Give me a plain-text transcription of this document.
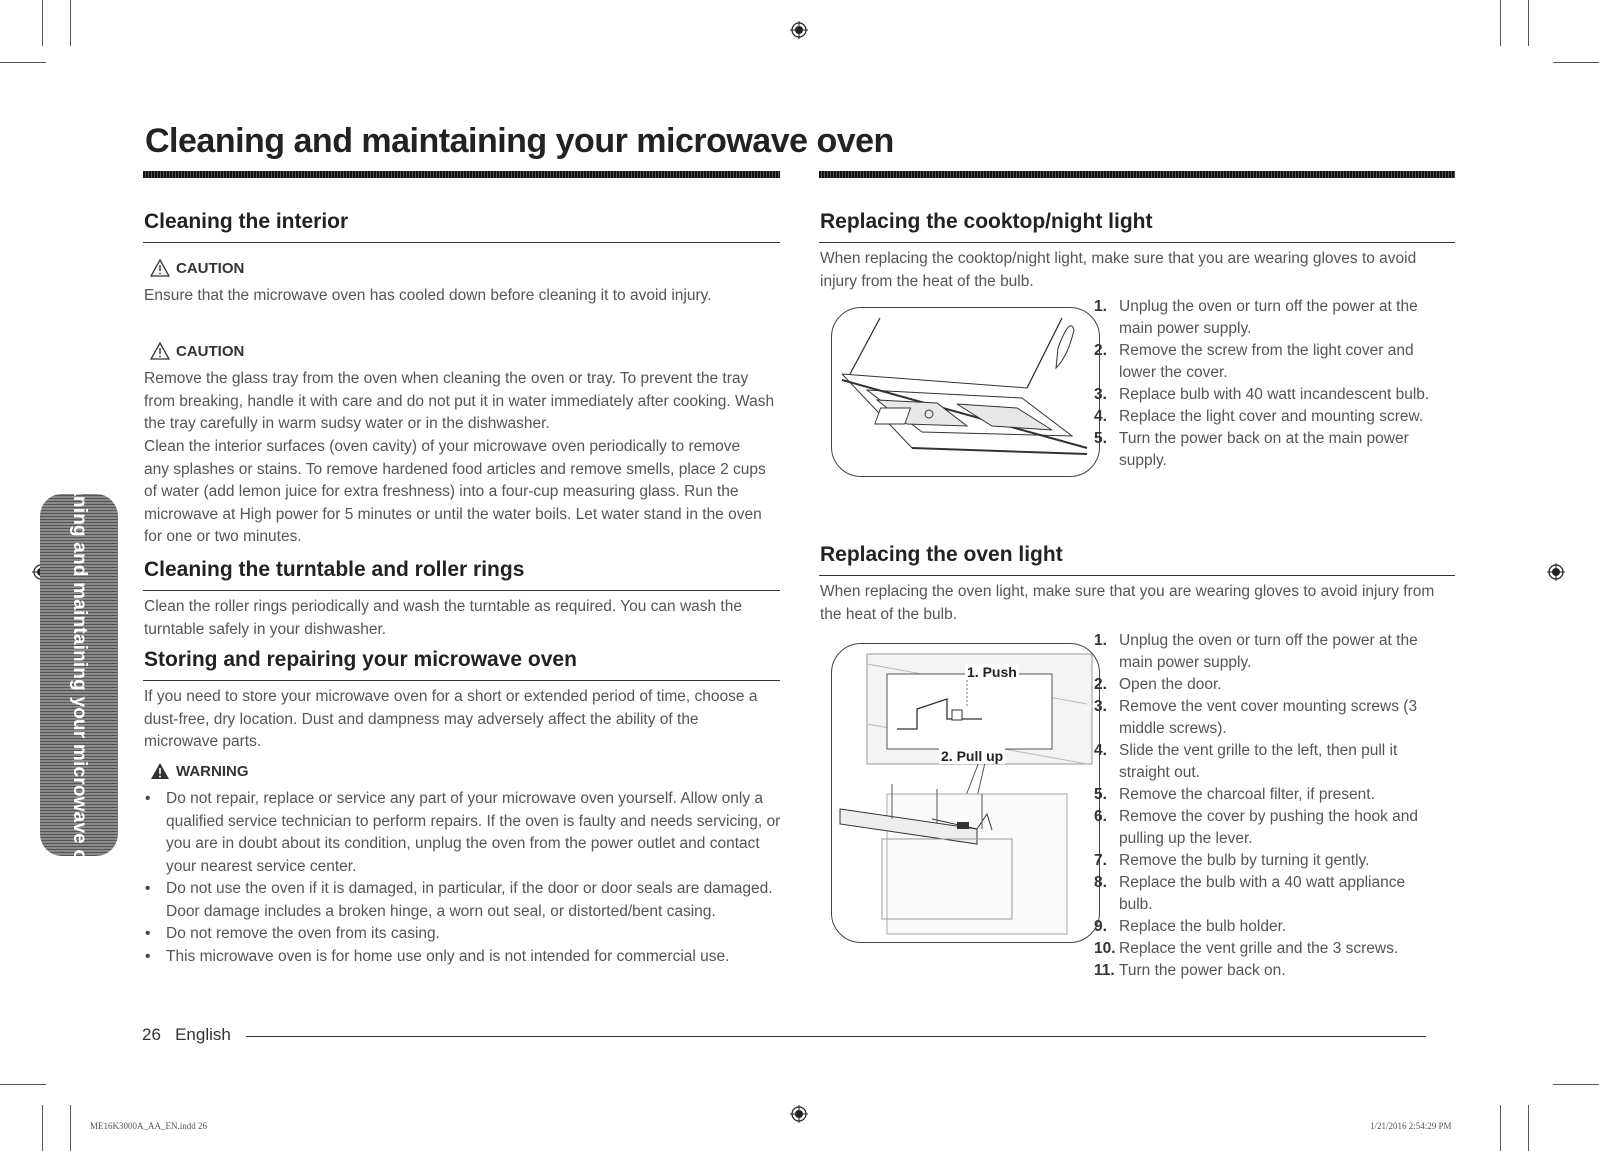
Cleaning and maintaining your microwave oven
Cleaning and maintaining your microwave oven
Cleaning the interior
CAUTION

Ensure that the microwave oven has cooled down before cleaning it to avoid injury.

CAUTION

Remove the glass tray from the oven when cleaning the oven or tray. To prevent the tray from breaking, handle it with care and do not put it in water immediately after cooking. Wash the tray carefully in warm sudsy water or in the dishwasher.

Clean the interior surfaces (oven cavity) of your microwave oven periodically to remove any splashes or stains. To remove hardened food articles and remove smells, place 2 cups of water (add lemon juice for extra freshness) into a four-cup measuring glass. Run the microwave at High power for 5 minutes or until the water boils. Let water stand in the oven for one or two minutes.

Cleaning the turntable and roller rings

Clean the roller rings periodically and wash the turntable as required. You can wash the turntable safely in your dishwasher.

Storing and repairing your microwave oven

If you need to store your microwave oven for a short or extended period of time, choose a dust-free, dry location. Dust and dampness may adversely affect the ability of the microwave parts.

WARNING
• Do not repair, replace or service any part of your microwave oven yourself. Allow only a qualified service technician to perform repairs. If the oven is faulty and needs servicing, or you are in doubt about its condition, unplug the oven from the power outlet and contact your nearest service center.
• Do not use the oven if it is damaged, in particular, if the door or door seals are damaged. Door damage includes a broken hinge, a worn out seal, or distorted/bent casing.
• Do not remove the oven from its casing.
• This microwave oven is for home use only and is not intended for commercial use.
Replacing the cooktop/night light

When replacing the cooktop/night light, make sure that you are wearing gloves to avoid injury from the heat of the bulb.

1. Unplug the oven or turn off the power at the main power supply.
2. Remove the screw from the light cover and lower the cover.
3. Replace bulb with 40 watt incandescent bulb.
4. Replace the light cover and mounting screw.
5. Turn the power back on at the main power supply.
Replacing the oven light

When replacing the oven light, make sure that you are wearing gloves to avoid injury from the heat of the bulb.

1. Push
2. Pull up
1. Unplug the oven or turn off the power at the main power supply.
2. Open the door.
3. Remove the vent cover mounting screws (3 middle screws).
4. Slide the vent grille to the left, then pull it straight out.
5. Remove the charcoal filter, if present.
6. Remove the cover by pushing the hook and pulling up the lever.
7. Remove the bulb by turning it gently.
8. Replace the bulb with a 40 watt appliance bulb.
9. Replace the bulb holder.
10. Replace the vent grille and the 3 screws.
11. Turn the power back on.
26 English
ME16K3000A_AA_EN.indd 26	1/21/2016 2:54:29 PM
